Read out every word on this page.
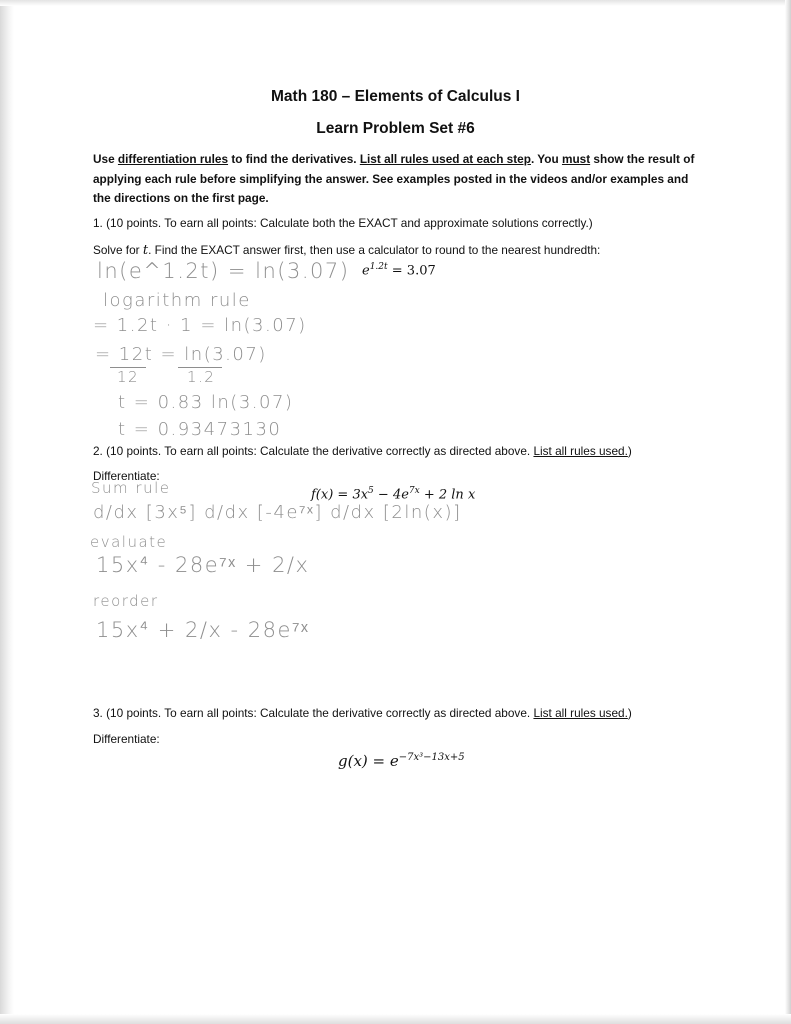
Math 180 – Elements of Calculus I
Learn Problem Set #6
Use differentiation rules to find the derivatives. List all rules used at each step. You must show the result of
applying each rule before simplifying the answer. See examples posted in the videos and/or examples and
the directions on the first page.
1. (10 points. To earn all points: Calculate both the EXACT and approximate solutions correctly.)
Solve for t. Find the EXACT answer first, then use a calculator to round to the nearest hundredth:
$e^{1.2t} = 3.07$
ln(e^1.2t) = ln(3.07)
logarithm rule
= 1.2t · 1 = ln(3.07)
= 12t = ln(3.07)
12	1.2
t = 0.83 ln(3.07)
t = 0.93473130
2. (10 points. To earn all points: Calculate the derivative correctly as directed above. List all rules used.)
Differentiate:
$f(x) = 3x^5 - 4e^{7x} + 2$ ln x
Sum rule
d/dx [3x⁵] d/dx [-4e⁷ˣ] d/dx [2ln(x)]
evaluate
15x⁴ - 28e⁷ˣ + 2/x
reorder
15x⁴ + 2/x - 28e⁷ˣ
3. (10 points. To earn all points: Calculate the derivative correctly as directed above. List all rules used.)
Differentiate:
$g(x) = e^{-7x^3-13x+5}$
